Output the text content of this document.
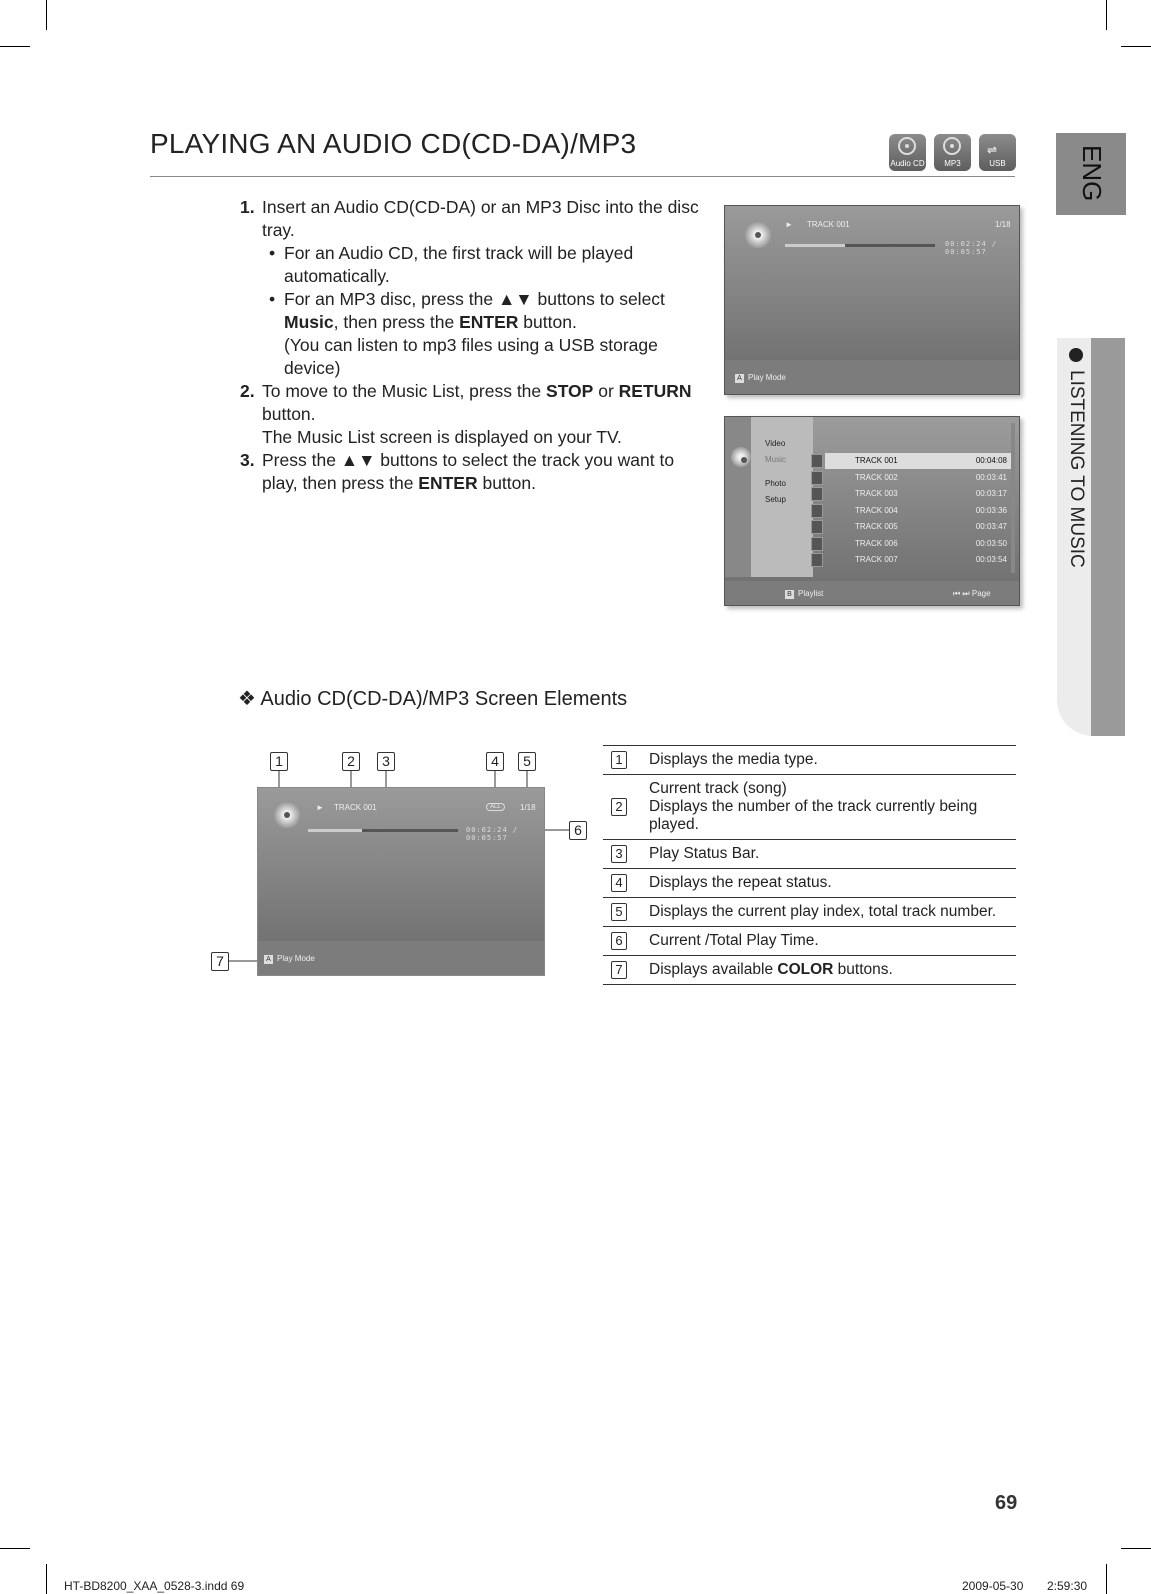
PLAYING AN AUDIO CD(CD-DA)/MP3
Audio CD	MP3
⇌
USB	ENG
LISTENING TO MUSIC
1. Insert an Audio CD(CD-DA) or an MP3 Disc into the disc tray.
• For an Audio CD, the first track will be played automatically.
• For an MP3 disc, press the ▲▼ buttons to select Music, then press the ENTER button.
(You can listen to mp3 files using a USB storage device)
2. To move to the Music List, press the STOP or RETURN button.
The Music List screen is displayed on your TV.
3. Press the ▲▼ buttons to select the track you want to play, then press the ENTER button.
► TRACK 001	1/18
00:02:24 / 00:05:57
A Play Mode
Video
Music
Photo
Setup
TRACK 001	00:04:08
TRACK 002	00:03:41
TRACK 003	00:03:17
TRACK 004	00:03:36
TRACK 005	00:03:47
TRACK 006	00:03:50
TRACK 007	00:03:54
B Playlist	⏮ ⏭ Page
❖ Audio CD(CD-DA)/MP3 Screen Elements
1	2	3	4	5
6
7
► TRACK 001	ALL	1/18
00:02:24 / 00:05:57
A Play Mode
1	Displays the media type.
2	Current track (song)
Displays the number of the track currently being played.
3	Play Status Bar.
4	Displays the repeat status.
5	Displays the current play index, total track number.
6	Current /Total Play Time.
7	Displays available COLOR buttons.
69
HT-BD8200_XAA_0528-3.indd 69	2009-05-30 2:59:30
